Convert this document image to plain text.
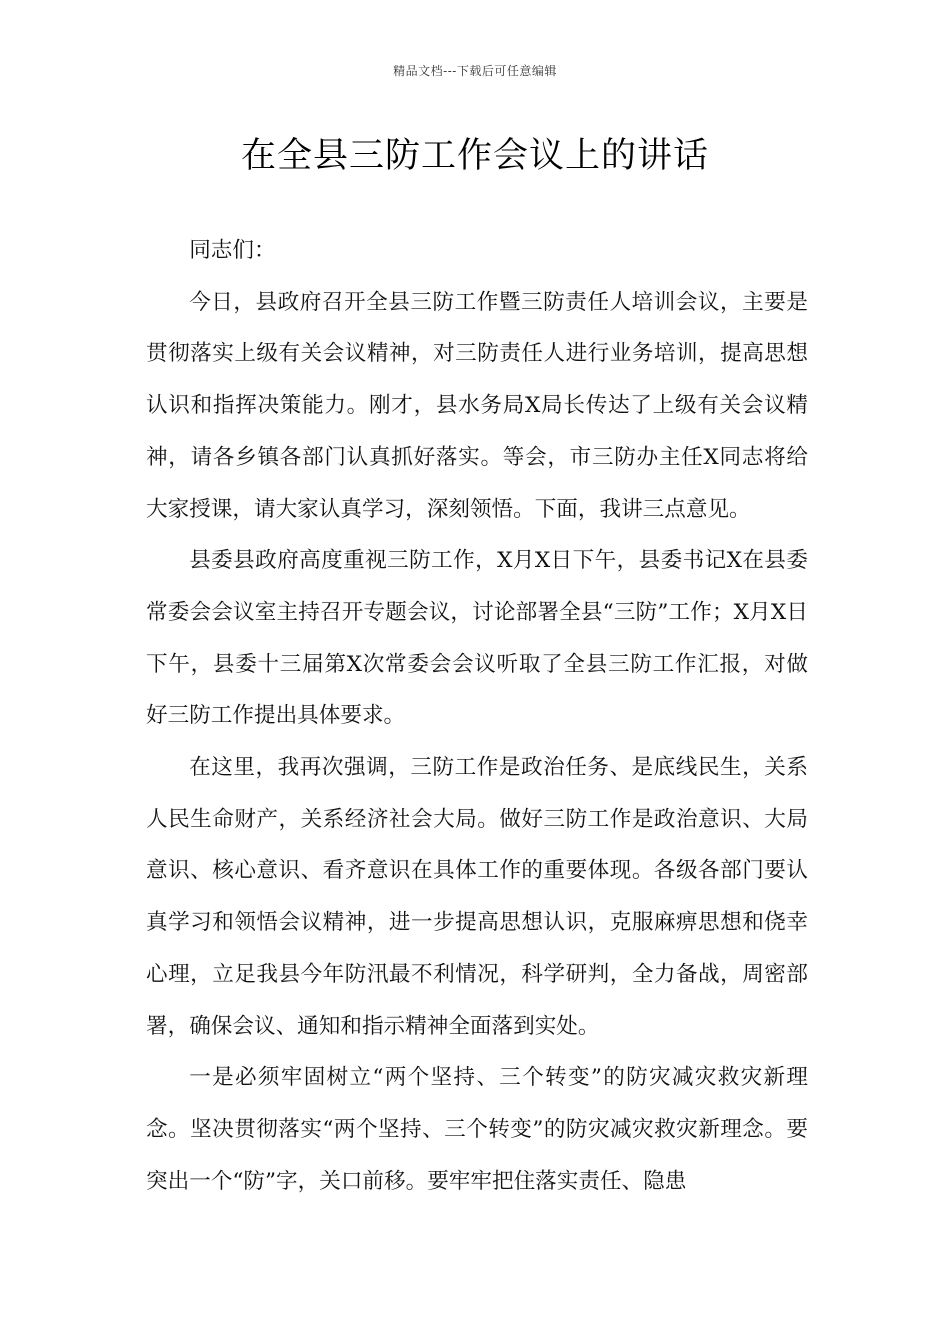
精品文档---下载后可任意编辑
在全县三防工作会议上的讲话

同志们：

今日，县政府召开全县三防工作暨三防责任人培训会议，主要是贯彻落实上级有关会议精神，对三防责任人进行业务培训，提高思想认识和指挥决策能力。刚才，县水务局X局长传达了上级有关会议精神，请各乡镇各部门认真抓好落实。等会，市三防办主任X同志将给大家授课，请大家认真学习，深刻领悟。下面，我讲三点意见。

县委县政府高度重视三防工作，X月X日下午，县委书记X在县委常委会会议室主持召开专题会议，讨论部署全县“三防”工作；X月X日下午，县委十三届第X次常委会会议听取了全县三防工作汇报，对做好三防工作提出具体要求。

在这里，我再次强调，三防工作是政治任务、是底线民生，关系人民生命财产，关系经济社会大局。做好三防工作是政治意识、大局意识、核心意识、看齐意识在具体工作的重要体现。各级各部门要认真学习和领悟会议精神，进一步提高思想认识，克服麻痹思想和侥幸心理，立足我县今年防汛最不利情况，科学研判，全力备战，周密部署，确保会议、通知和指示精神全面落到实处。

一是必须牢固树立“两个坚持、三个转变”的防灾减灾救灾新理念。坚决贯彻落实“两个坚持、三个转变”的防灾减灾救灾新理念。要突出一个“防”字，关口前移。要牢牢把住落实责任、隐患
